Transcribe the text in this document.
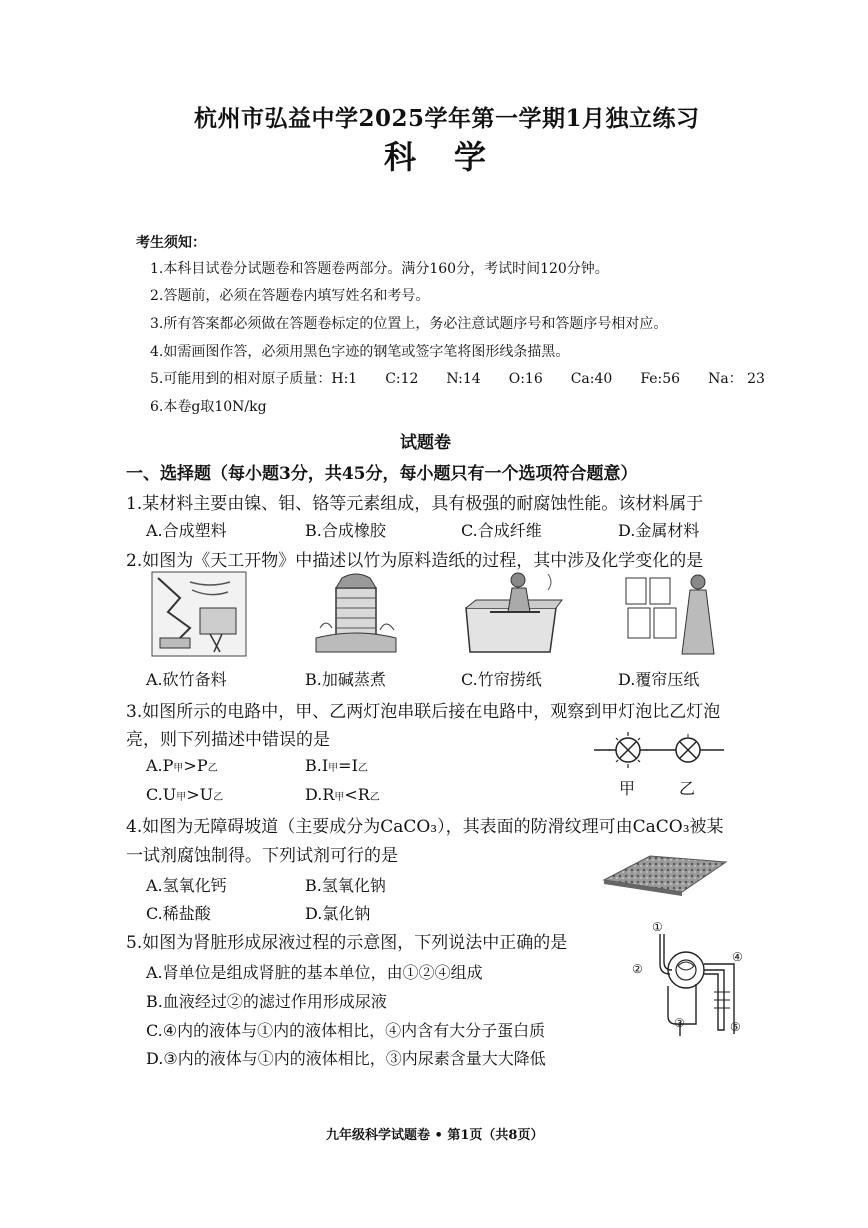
杭州市弘益中学2025学年第一学期1月独立练习
科学
考生须知：
1.本科目试卷分试题卷和答题卷两部分。满分160分，考试时间120分钟。
2.答题前，必须在答题卷内填写姓名和考号。
3.所有答案都必须做在答题卷标定的位置上，务必注意试题序号和答题序号相对应。
4.如需画图作答，必须用黑色字迹的钢笔或签字笔将图形线条描黑。
5.可能用到的相对原子质量：H:1　　C:12　　N:14　　O:16　　Ca:40　　Fe:56　　Na： 23
6.本卷g取10N/kg
试题卷
一、选择题（每小题3分，共45分，每小题只有一个选项符合题意）
1.某材料主要由镍、钼、铬等元素组成，具有极强的耐腐蚀性能。该材料属于
A.合成塑料	B.合成橡胶	C.合成纤维	D.金属材料
2.如图为《天工开物》中描述以竹为原料造纸的过程，其中涉及化学变化的是
A.砍竹备料	B.加碱蒸煮	C.竹帘捞纸	D.覆帘压纸
3.如图所示的电路中，甲、乙两灯泡串联后接在电路中，观察到甲灯泡比乙灯泡
亮，则下列描述中错误的是
A.P甲>P乙	B.I甲=I乙
C.U甲>U乙	D.R甲<R乙	甲	乙
4.如图为无障碍坡道（主要成分为CaCO₃），其表面的防滑纹理可由CaCO₃被某
一试剂腐蚀制得。下列试剂可行的是
A.氢氧化钙	B.氢氧化钠
C.稀盐酸	D.氯化钠
5.如图为肾脏形成尿液过程的示意图，下列说法中正确的是
A.肾单位是组成肾脏的基本单位，由①②④组成
B.血液经过②的滤过作用形成尿液
C.④内的液体与①内的液体相比，④内含有大分子蛋白质
D.③内的液体与①内的液体相比，③内尿素含量大大降低
①
②
③
④
⑤
九年级科学试题卷 • 第1页（共8页）
